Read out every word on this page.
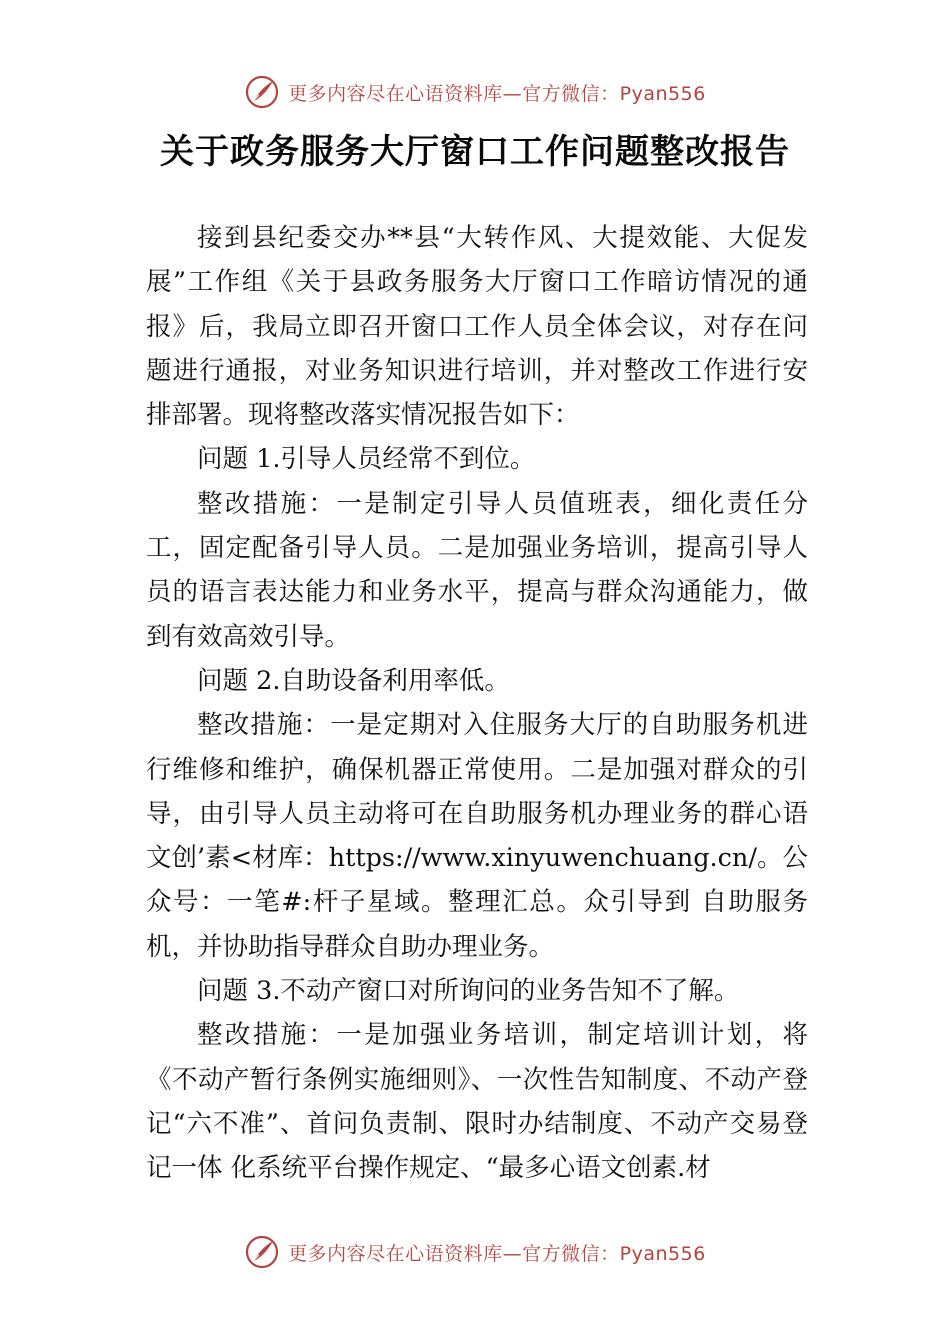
更多内容尽在心语资料库—官方微信：Pyan556
关于政务服务大厅窗口工作问题整改报告

接到县纪委交办**县“大转作风、大提效能、大促发展”工作组《关于县政务服务大厅窗口工作暗访情况的通报》后，我局立即召开窗口工作人员全体会议，对存在问题进行通报，对业务知识进行培训，并对整改工作进行安排部署。现将整改落实情况报告如下：

问题 1.引导人员经常不到位。

整改措施：一是制定引导人员值班表，细化责任分工，固定配备引导人员。二是加强业务培训，提高引导人员的语言表达能力和业务水平，提高与群众沟通能力，做到有效高效引导。

问题 2.自助设备利用率低。

整改措施：一是定期对入住服务大厅的自助服务机进行维修和维护，确保机器正常使用。二是加强对群众的引导，由引导人员主动将可在自助服务机办理业务的群心语文创’素<材库：https://www.xinyuwenchuang.cn/。公众号：一笔#:杆子星域。整理汇总。众引导到 自助服务机，并协助指导群众自助办理业务。

问题 3.不动产窗口对所询问的业务告知不了解。

整改措施：一是加强业务培训，制定培训计划，将《不动产暂行条例实施细则》、一次性告知制度、不动产登记“六不准”、首问负责制、限时办结制度、不动产交易登记一体 化系统平台操作规定、“最多心语文创素.材

更多内容尽在心语资料库—官方微信：Pyan556
